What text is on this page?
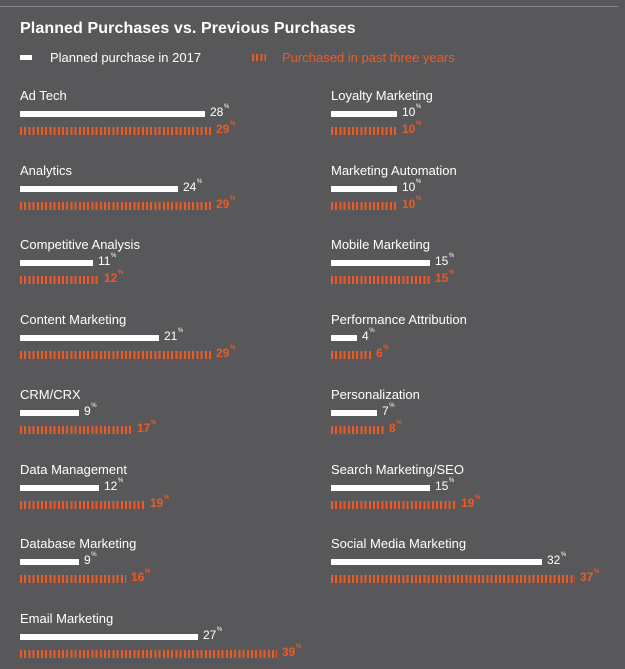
Planned Purchases vs. Previous Purchases
Planned purchase in 2017	Purchased in past three years
Ad Tech
28%
29%
Analytics
24%
29%
Competitive Analysis
11%
12%
Content Marketing
21%
29%
CRM/CRX
9%
17%
Data Management
12%
19%
Database Marketing
9%
16%
Email Marketing
27%
39%
Loyalty Marketing
10%
10%
Marketing Automation
10%
10%
Mobile Marketing
15%
15%
Performance Attribution
4%
6%
Personalization
7%
8%
Search Marketing/SEO
15%
19%
Social Media Marketing
32%
37%
